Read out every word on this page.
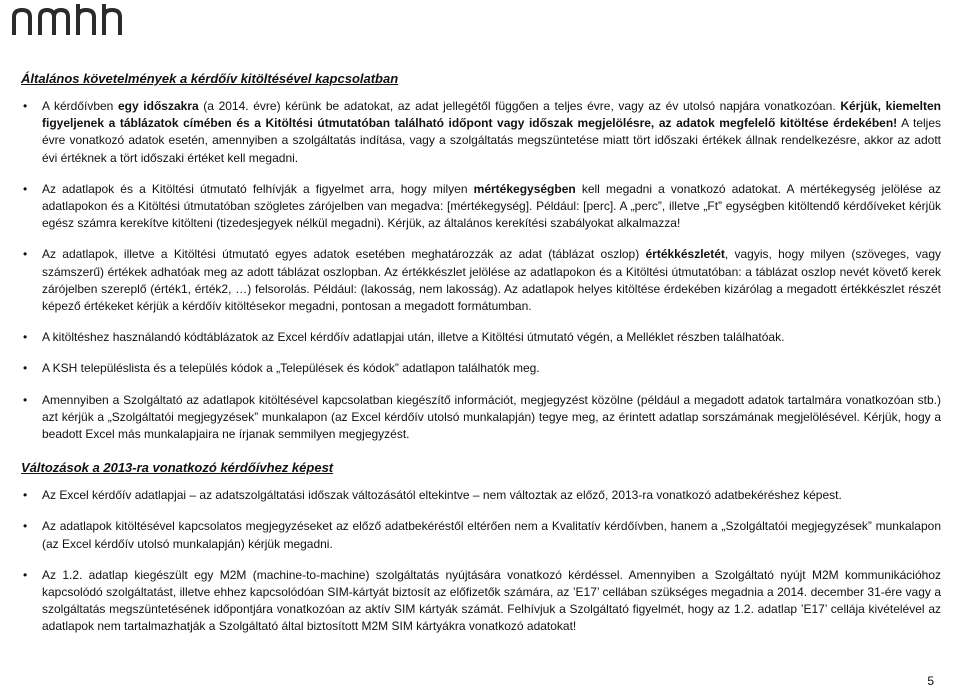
Általános követelmények a kérdőív kitöltésével kapcsolatban
• A kérdőívben egy időszakra (a 2014. évre) kérünk be adatokat, az adat jellegétől függően a teljes évre, vagy az év utolsó napjára vonatkozóan. Kérjük, kiemelten figyeljenek a táblázatok címében és a Kitöltési útmutatóban található időpont vagy időszak megjelölésre, az adatok megfelelő kitöltése érdekében! A teljes évre vonatkozó adatok esetén, amennyiben a szolgáltatás indítása, vagy a szolgáltatás megszüntetése miatt tört időszaki értékek állnak rendelkezésre, akkor az adott évi értéknek a tört időszaki értéket kell megadni.
• Az adatlapok és a Kitöltési útmutató felhívják a figyelmet arra, hogy milyen mértékegységben kell megadni a vonatkozó adatokat. A mértékegység jelölése az adatlapokon és a Kitöltési útmutatóban szögletes zárójelben van megadva: [mértékegység]. Például: [perc]. A „perc”, illetve „Ft” egységben kitöltendő kérdőíveket kérjük egész számra kerekítve kitölteni (tizedesjegyek nélkül megadni). Kérjük, az általános kerekítési szabályokat alkalmazza!
• Az adatlapok, illetve a Kitöltési útmutató egyes adatok esetében meghatározzák az adat (táblázat oszlop) értékkészletét, vagyis, hogy milyen (szöveges, vagy számszerű) értékek adhatóak meg az adott táblázat oszlopban. Az értékkészlet jelölése az adatlapokon és a Kitöltési útmutatóban: a táblázat oszlop nevét követő kerek zárójelben szereplő (érték1, érték2, …) felsorolás. Például: (lakosság, nem lakosság). Az adatlapok helyes kitöltése érdekében kizárólag a megadott értékkészlet részét képező értékeket kérjük a kérdőív kitöltésekor megadni, pontosan a megadott formátumban.
• A kitöltéshez használandó kódtáblázatok az Excel kérdőív adatlapjai után, illetve a Kitöltési útmutató végén, a Melléklet részben találhatóak.
• A KSH településlista és a település kódok a „Települések és kódok” adatlapon találhatók meg.
• Amennyiben a Szolgáltató az adatlapok kitöltésével kapcsolatban kiegészítő információt, megjegyzést közölne (például a megadott adatok tartalmára vonatkozóan stb.) azt kérjük a „Szolgáltatói megjegyzések” munkalapon (az Excel kérdőív utolsó munkalapján) tegye meg, az érintett adatlap sorszámának megjelölésével. Kérjük, hogy a beadott Excel más munkalapjaira ne írjanak semmilyen megjegyzést.
Változások a 2013-ra vonatkozó kérdőívhez képest
• Az Excel kérdőív adatlapjai – az adatszolgáltatási időszak változásától eltekintve – nem változtak az előző, 2013-ra vonatkozó adatbekéréshez képest.
• Az adatlapok kitöltésével kapcsolatos megjegyzéseket az előző adatbekéréstől eltérően nem a Kvalitatív kérdőívben, hanem a „Szolgáltatói megjegyzések” munkalapon (az Excel kérdőív utolsó munkalapján) kérjük megadni.
• Az 1.2. adatlap kiegészült egy M2M (machine-to-machine) szolgáltatás nyújtására vonatkozó kérdéssel. Amennyiben a Szolgáltató nyújt M2M kommunikációhoz kapcsolódó szolgáltatást, illetve ehhez kapcsolódóan SIM-kártyát biztosít az előfizetők számára, az ’E17’ cellában szükséges megadnia a 2014. december 31-ére vagy a szolgáltatás megszüntetésének időpontjára vonatkozóan az aktív SIM kártyák számát. Felhívjuk a Szolgáltató figyelmét, hogy az 1.2. adatlap ’E17’ cellája kivételével az adatlapok nem tartalmazhatják a Szolgáltató által biztosított M2M SIM kártyákra vonatkozó adatokat!
5
